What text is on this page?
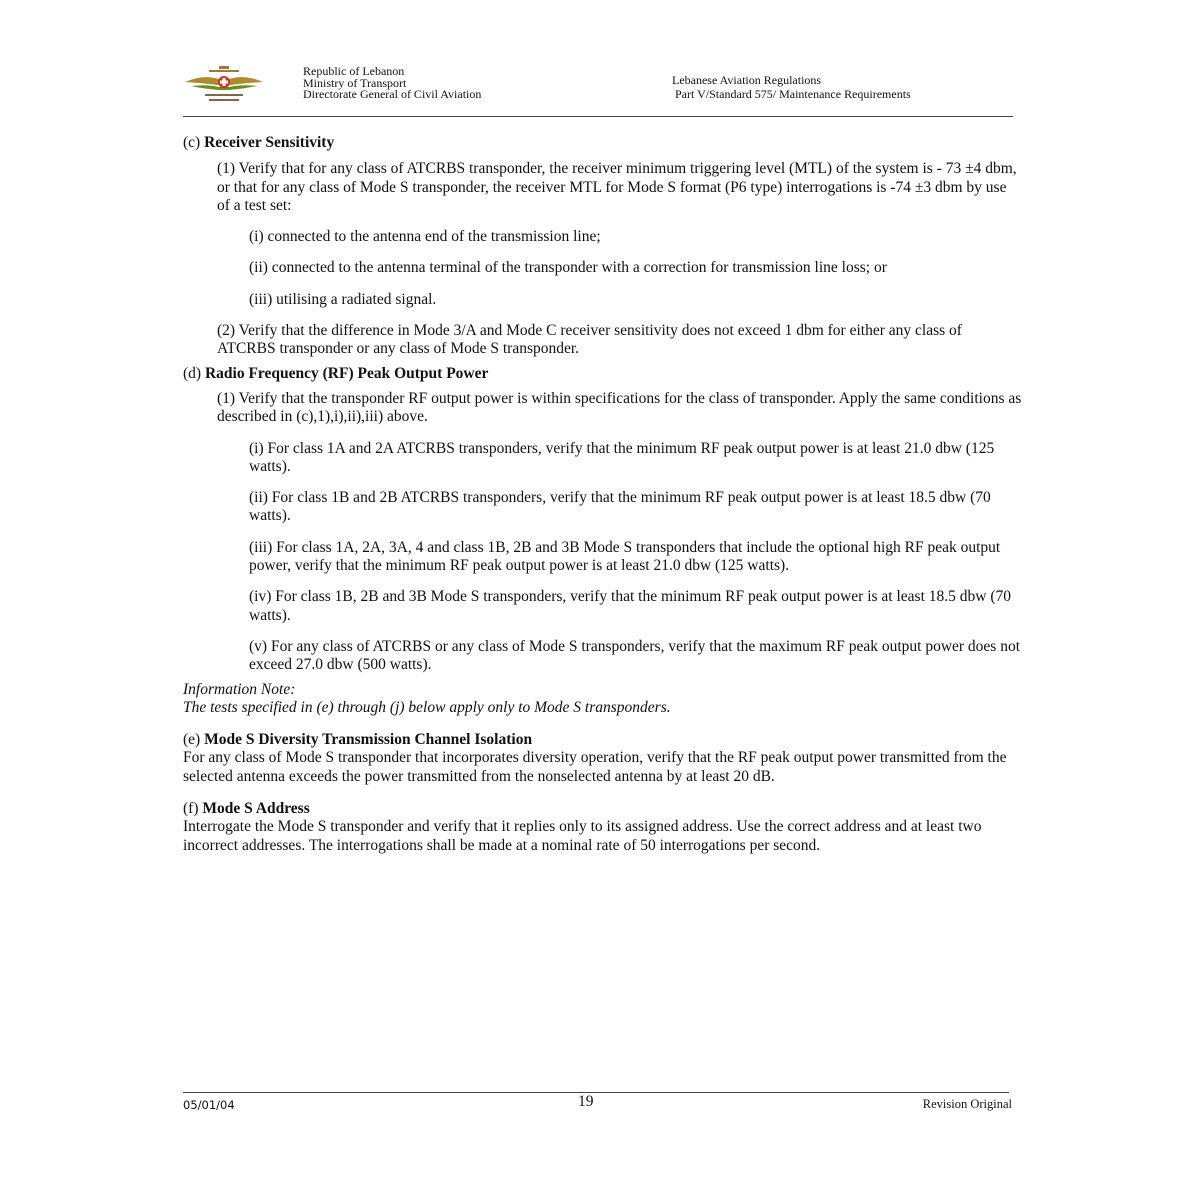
Republic of Lebanon
Ministry of Transport
Directorate General of Civil Aviation
Lebanese Aviation Regulations
Part V/Standard 575/ Maintenance Requirements

(c) Receiver Sensitivity

(1) Verify that for any class of ATCRBS transponder, the receiver minimum triggering level (MTL) of the system is - 73 ±4 dbm, or that for any class of Mode S transponder, the receiver MTL for Mode S format (P6 type) interrogations is -74 ±3 dbm by use of a test set:

(i) connected to the antenna end of the transmission line;

(ii) connected to the antenna terminal of the transponder with a correction for transmission line loss; or

(iii) utilising a radiated signal.

(2) Verify that the difference in Mode 3/A and Mode C receiver sensitivity does not exceed 1 dbm for either any class of ATCRBS transponder or any class of Mode S transponder.

(d) Radio Frequency (RF) Peak Output Power

(1) Verify that the transponder RF output power is within specifications for the class of transponder. Apply the same conditions as described in (c),1),i),ii),iii) above.

(i) For class 1A and 2A ATCRBS transponders, verify that the minimum RF peak output power is at least 21.0 dbw (125 watts).

(ii) For class 1B and 2B ATCRBS transponders, verify that the minimum RF peak output power is at least 18.5 dbw (70 watts).

(iii) For class 1A, 2A, 3A, 4 and class 1B, 2B and 3B Mode S transponders that include the optional high RF peak output power, verify that the minimum RF peak output power is at least 21.0 dbw (125 watts).

(iv) For class 1B, 2B and 3B Mode S transponders, verify that the minimum RF peak output power is at least 18.5 dbw (70 watts).

(v) For any class of ATCRBS or any class of Mode S transponders, verify that the maximum RF peak output power does not exceed 27.0 dbw (500 watts).

Information Note:

The tests specified in (e) through (j) below apply only to Mode S transponders.

(e) Mode S Diversity Transmission Channel Isolation

For any class of Mode S transponder that incorporates diversity operation, verify that the RF peak output power transmitted from the selected antenna exceeds the power transmitted from the nonselected antenna by at least 20 dB.

(f) Mode S Address

Interrogate the Mode S transponder and verify that it replies only to its assigned address. Use the correct address and at least two incorrect addresses. The interrogations shall be made at a nominal rate of 50 interrogations per second.

05/01/04	19	Revision Original
